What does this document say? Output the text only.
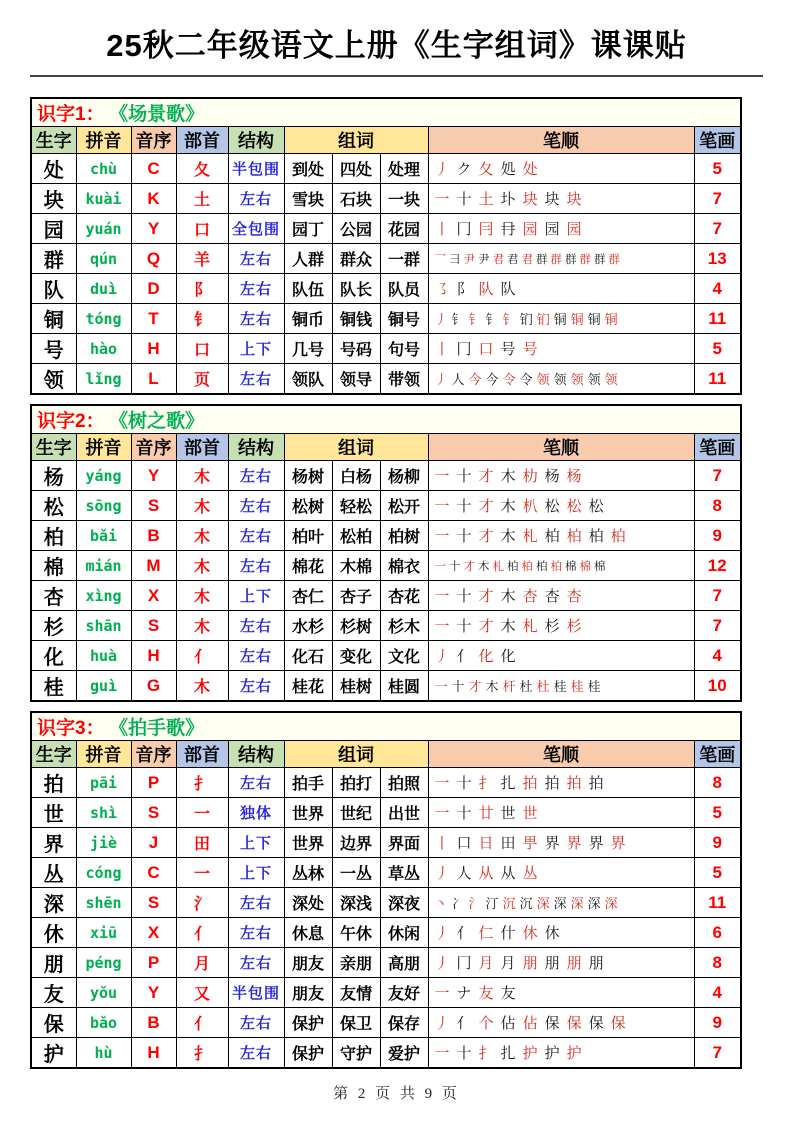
25秋二年级语文上册《生字组词》课课贴
识字1： 《场景歌》									
生字	拼音	音序	部首	结构	组词			笔顺	笔画
处	chù	C	夂	半包围	到处	四处	处理	丿 ク 夂 処 处	5
块	kuài	K	土	左右	雪块	石块	一块	一 十 土 圤 块 块 块	7
园	yuán	Y	口	全包围	园丁	公园	花园	丨 冂 冃 冄 园 园 园	7
群	qún	Q	羊	左右	人群	群众	一群	乛 彐 尹 尹 君 君 君 群 群 群 群 群 群	13
队	duì	D	阝	左右	队伍	队长	队员	㇌ 阝 队 队	4
铜	tóng	T	钅	左右	铜币	铜钱	铜号	丿 钅 钅 钅 钅 钔 钔 铜 铜 铜 铜	11
号	hào	H	口	上下	几号	号码	句号	丨 冂 口 号 号	5
领	lǐng	L	页	左右	领队	领导	带领	丿 人 今 今 令 令 领 领 领 领 领	11
识字2： 《树之歌》									
生字	拼音	音序	部首	结构	组词			笔顺	笔画
杨	yáng	Y	木	左右	杨树	白杨	杨柳	一 十 才 木 朸 杨 杨	7
松	sōng	S	木	左右	松树	轻松	松开	一 十 才 木 朳 松 松 松	8
柏	bǎi	B	木	左右	柏叶	松柏	柏树	一 十 才 木 札 柏 柏 柏 柏	9
棉	mián	M	木	左右	棉花	木棉	棉衣	一 十 才 木 札 柏 柏 柏 柏 棉 棉 棉	12
杏	xìng	X	木	上下	杏仁	杏子	杏花	一 十 才 木 杏 杏 杏	7
杉	shān	S	木	左右	水杉	杉树	杉木	一 十 才 木 札 杉 杉	7
化	huà	H	亻	左右	化石	变化	文化	丿 亻 化 化	4
桂	guì	G	木	左右	桂花	桂树	桂圆	一 十 才 木 杆 杜 杜 桂 桂 桂	10
识字3： 《拍手歌》									
生字	拼音	音序	部首	结构	组词			笔顺	笔画
拍	pāi	P	扌	左右	拍手	拍打	拍照	一 十 扌 扎 拍 拍 拍 拍	8
世	shì	S	一	独体	世界	世纪	出世	一 十 廿 世 世	5
界	jiè	J	田	上下	世界	边界	界面	丨 口 日 田 甼 界 界 界 界	9
丛	cóng	C	一	上下	丛林	一丛	草丛	丿 人 从 从 丛	5
深	shēn	S	氵	左右	深处	深浅	深夜	丶 冫 氵 汀 沉 沉 深 深 深 深 深	11
休	xiū	X	亻	左右	休息	午休	休闲	丿 亻 仁 什 休 休	6
朋	péng	P	月	左右	朋友	亲朋	高朋	丿 冂 月 月 朋 朋 朋 朋	8
友	yǒu	Y	又	半包围	朋友	友情	友好	一 ナ 友 友	4
保	bǎo	B	亻	左右	保护	保卫	保存	丿 亻 个 佔 佔 保 保 保 保	9
护	hù	H	扌	左右	保护	守护	爱护	一 十 扌 扎 护 护 护	7
第 2 页 共 9 页
